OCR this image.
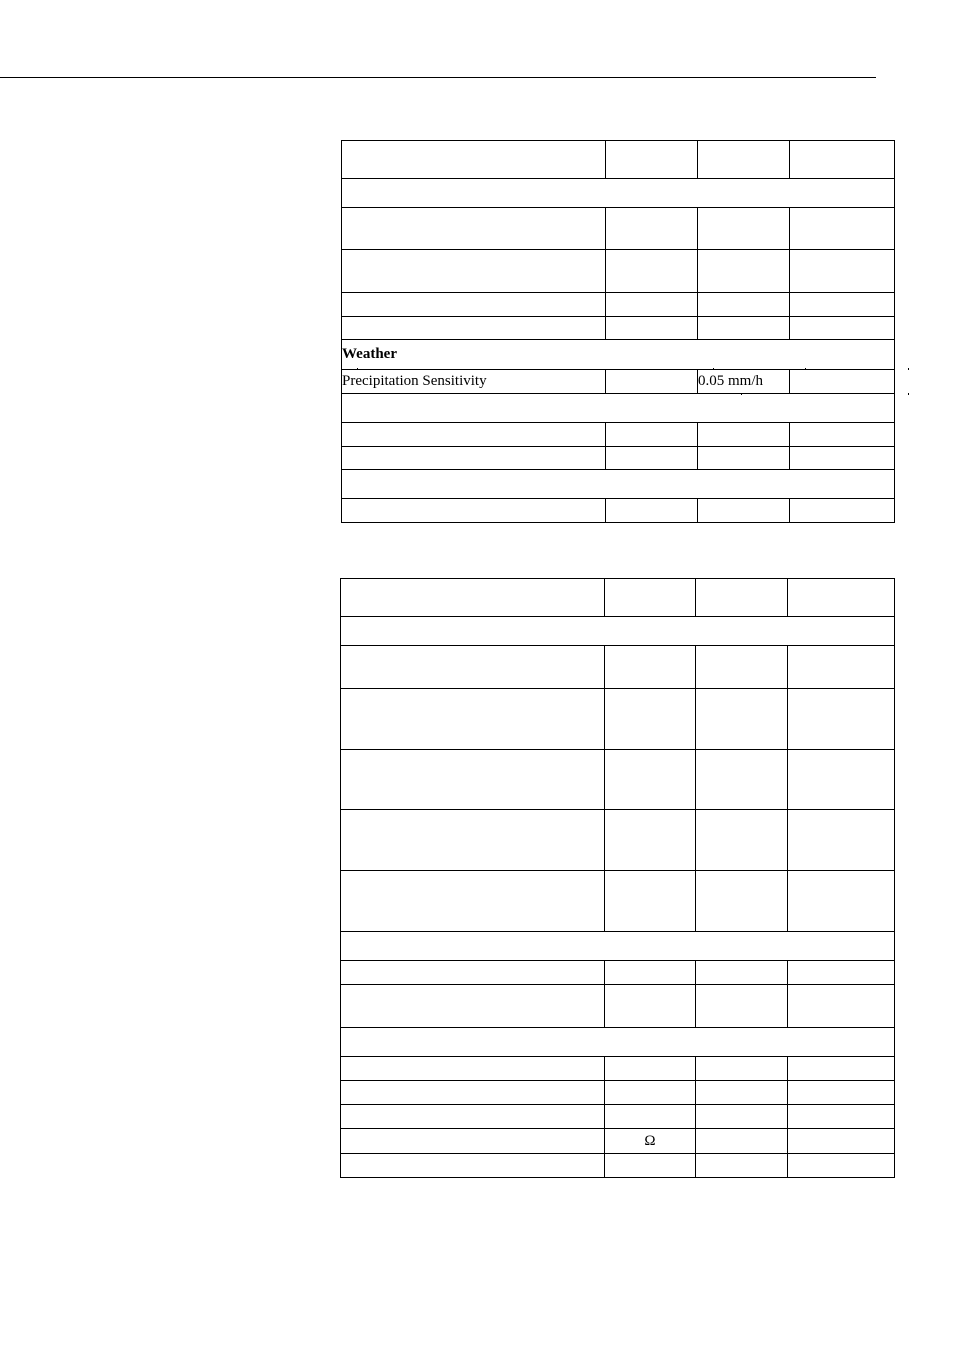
Weather			
Precipitation Sensitivity		0.05 mm/h	

	Ω		
